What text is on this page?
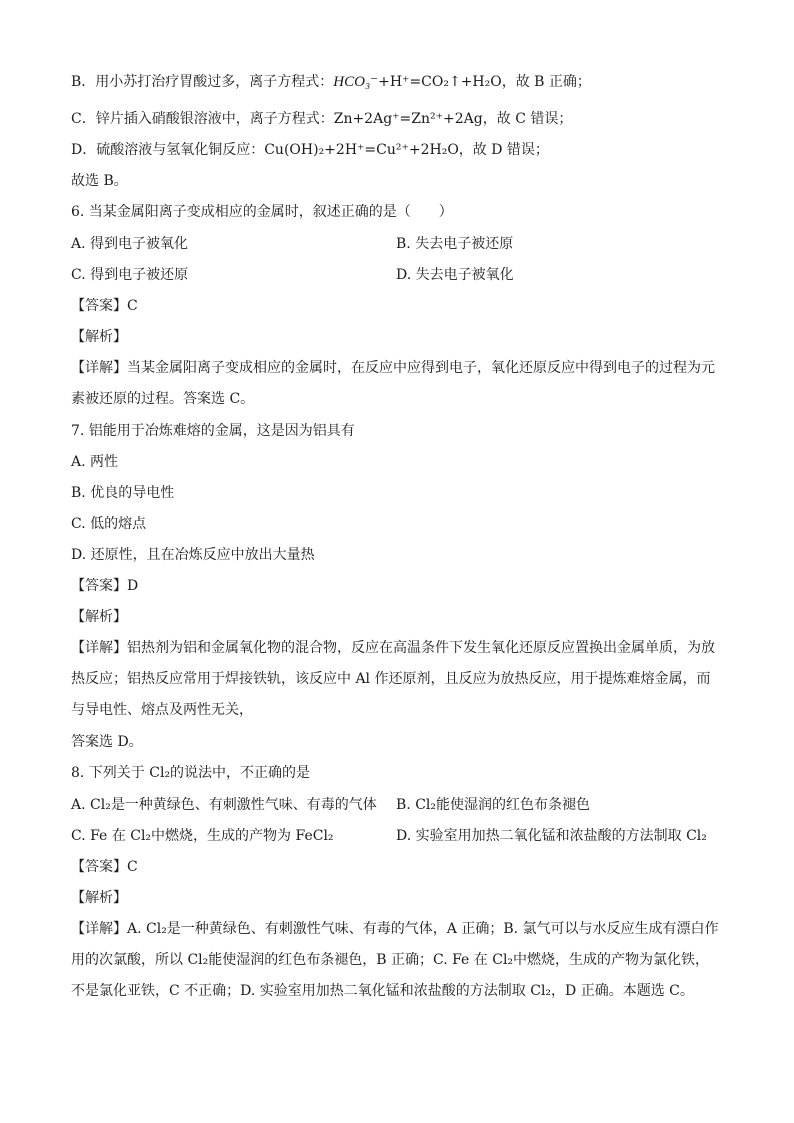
B．用小苏打治疗胃酸过多，离子方程式：HCO₃⁻+H⁺=CO₂↑+H₂O，故 B 正确；
C．锌片插入硝酸银溶液中，离子方程式：Zn+2Ag⁺=Zn²⁺+2Ag，故 C 错误；
D．硫酸溶液与氢氧化铜反应：Cu(OH)₂+2H⁺=Cu²⁺+2H₂O，故 D 错误；
故选 B。
6. 当某金属阳离子变成相应的金属时，叙述正确的是（　　）
A. 得到电子被氧化	B. 失去电子被还原
C. 得到电子被还原	D. 失去电子被氧化
【答案】C
【解析】
【详解】当某金属阳离子变成相应的金属时，在反应中应得到电子，氧化还原反应中得到电子的过程为元素被还原的过程。答案选 C。
7. 铝能用于冶炼难熔的金属，这是因为铝具有
A. 两性
B. 优良的导电性
C. 低的熔点
D. 还原性，且在冶炼反应中放出大量热
【答案】D
【解析】
【详解】铝热剂为铝和金属氧化物的混合物，反应在高温条件下发生氧化还原反应置换出金属单质，为放热反应；铝热反应常用于焊接铁轨，该反应中 Al 作还原剂，且反应为放热反应，用于提炼难熔金属，而与导电性、熔点及两性无关，
答案选 D。
8. 下列关于 Cl₂的说法中，不正确的是
A. Cl₂是一种黄绿色、有刺激性气味、有毒的气体 B. Cl₂能使湿润的红色布条褪色
C. Fe 在 Cl₂中燃烧，生成的产物为 FeCl₂	D. 实验室用加热二氧化锰和浓盐酸的方法制取 Cl₂
【答案】C
【解析】
【详解】A. Cl₂是一种黄绿色、有刺激性气味、有毒的气体，A 正确；B. 氯气可以与水反应生成有漂白作用的次氯酸，所以 Cl₂能使湿润的红色布条褪色，B 正确；C. Fe 在 Cl₂中燃烧，生成的产物为氯化铁，不是氯化亚铁，C 不正确；D. 实验室用加热二氧化锰和浓盐酸的方法制取 Cl₂，D 正确。本题选 C。
